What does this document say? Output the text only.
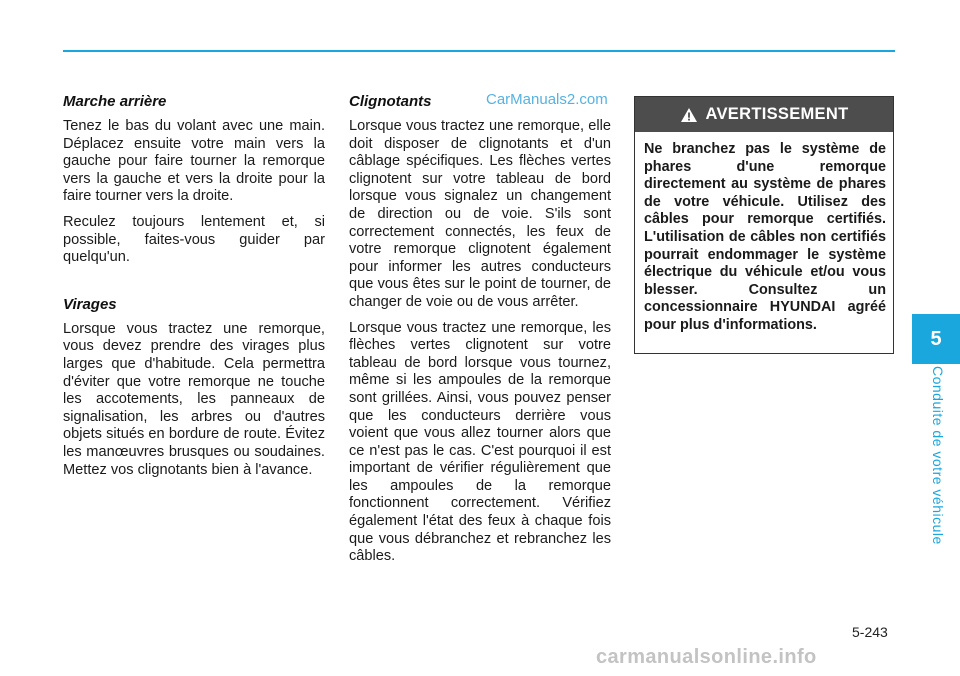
Marche arrière

Tenez le bas du volant avec une main. Déplacez ensuite votre main vers la gauche pour faire tourner la remorque vers la gauche et vers la droite pour la faire tourner vers la droite.

Reculez toujours lentement et, si possible, faites-vous guider par quelqu'un.

Virages

Lorsque vous tractez une remorque, vous devez prendre des virages plus larges que d'habitude. Cela permettra d'éviter que votre remorque ne touche les accotements, les panneaux de signalisation, les arbres ou d'autres objets situés en bordure de route. Évitez les manœuvres brusques ou soudaines. Mettez vos clignotants bien à l'avance.

Clignotants

Lorsque vous tractez une remorque, elle doit disposer de clignotants et d'un câblage spécifiques. Les flèches vertes clignotent sur votre tableau de bord lorsque vous signalez un changement de direction ou de voie. S'ils sont correctement connectés, les feux de votre remorque clignotent également pour informer les autres conducteurs que vous êtes sur le point de tourner, de changer de voie ou de vous arrêter.

Lorsque vous tractez une remorque, les flèches vertes clignotent sur votre tableau de bord lorsque vous tournez, même si les ampoules de la remorque sont grillées. Ainsi, vous pouvez penser que les conducteurs derrière vous voient que vous allez tourner alors que ce n'est pas le cas. C'est pourquoi il est important de vérifier régulièrement que les ampoules de la remorque fonctionnent correctement. Vérifiez également l'état des feux à chaque fois que vous débranchez et rebranchez les câbles.

CarManuals2.com
AVERTISSEMENT
Ne branchez pas le système de phares d'une remorque directement au système de phares de votre véhicule. Utilisez des câbles pour remorque certifiés. L'utilisation de câbles non certifiés pourrait endommager le système électrique du véhicule et/ou vous blesser. Consultez un concessionnaire HYUNDAI agréé pour plus d'informations.
5
Conduite de votre véhicule
5-243
carmanualsonline.info
